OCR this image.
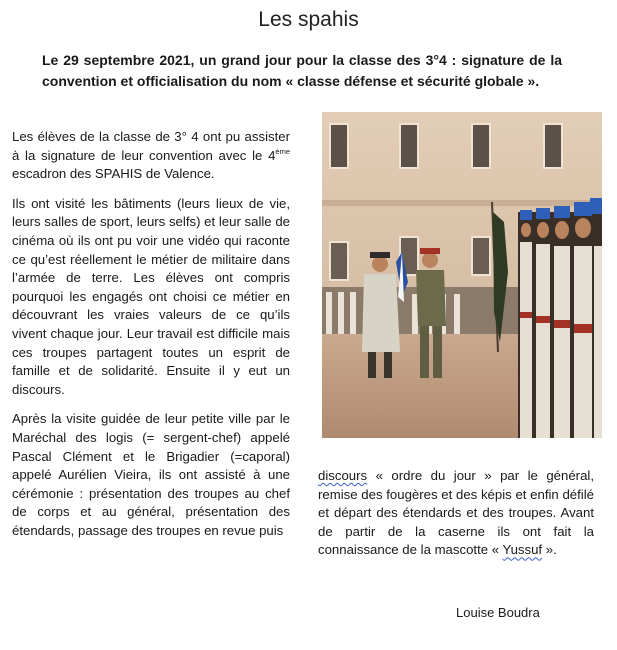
Les spahis
Le 29 septembre 2021, un grand jour pour la classe des 3°4 : signature de la convention et officialisation du nom « classe défense et sécurité globale ».

Les élèves de la classe de 3° 4 ont pu assister à la signature de leur convention avec le 4ème escadron des SPAHIS de Valence.

Ils ont visité les bâtiments (leurs lieux de vie, leurs salles de sport, leurs selfs) et leur salle de cinéma où ils ont pu voir une vidéo qui raconte ce qu’est réellement le métier de militaire dans l’armée de terre. Les élèves ont compris pourquoi les engagés ont choisi ce métier en découvrant les vraies valeurs de ce qu’ils vivent chaque jour. Leur travail est difficile mais ces troupes partagent toutes un esprit de famille et de solidarité. Ensuite il y eut un discours.

Après la visite guidée de leur petite ville par le Maréchal des logis (= sergent-chef) appelé Pascal Clément et le Brigadier (=caporal) appelé Aurélien Vieira, ils ont assisté à une cérémonie : présentation des troupes au chef de corps et au général, présentation des étendards, passage des troupes en revue puis

discours « ordre du jour » par le général, remise des fougères et des képis et enfin défilé et départ des étendards et des troupes. Avant de partir de la caserne ils ont fait la connaissance de la mascotte « Yussuf ».

Louise Boudra
